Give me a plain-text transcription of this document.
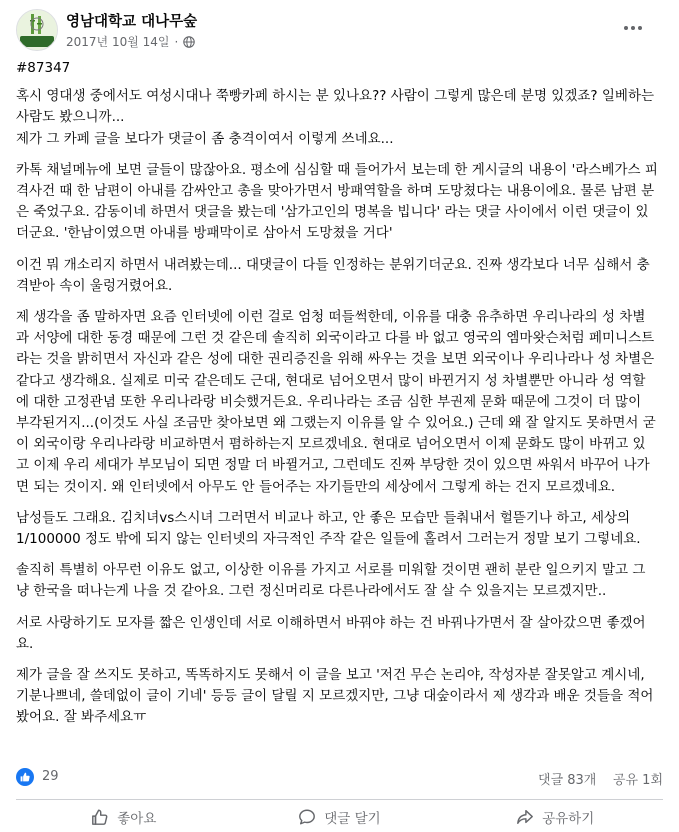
영남대학교 대나무숲
2017년 10월 14일 ·

#87347

혹시 영대생 중에서도 여성시대나 쭉빵카페 하시는 분 있나요?? 사람이 그렇게 많은데 분명 있겠죠? 일베하는 사람도 봤으니까...
제가 그 카페 글을 보다가 댓글이 좀 충격이여서 이렇게 쓰네요...

카톡 채널메뉴에 보면 글들이 많잖아요. 평소에 심심할 때 들어가서 보는데 한 게시글의 내용이 '라스베가스 피격사건 때 한 남편이 아내를 감싸안고 총을 맞아가면서 방패역할을 하며 도망쳤다는 내용이에요. 물론 남편 분은 죽었구요. 감동이네 하면서 댓글을 봤는데 '삼가고인의 명복을 빕니다' 라는 댓글 사이에서 이런 댓글이 있더군요. '한남이였으면 아내를 방패막이로 삼아서 도망쳤을 거다'

이건 뭐 개소리지 하면서 내려봤는데... 대댓글이 다들 인정하는 분위기더군요. 진짜 생각보다 너무 심해서 충격받아 속이 울렁거렸어요.

제 생각을 좀 말하자면 요즘 인터넷에 이런 걸로 엄청 떠들썩한데, 이유를 대충 유추하면 우리나라의 성 차별과 서양에 대한 동경 때문에 그런 것 같은데 솔직히 외국이라고 다를 바 없고 영국의 엠마왓슨처럼 페미니스트라는 것을 밝히면서 자신과 같은 성에 대한 권리증진을 위해 싸우는 것을 보면 외국이나 우리나라나 성 차별은 같다고 생각해요. 실제로 미국 같은데도 근대, 현대로 넘어오면서 많이 바뀐거지 성 차별뿐만 아니라 성 역할에 대한 고정관념 또한 우리나라랑 비슷했거든요. 우리나라는 조금 심한 부권제 문화 때문에 그것이 더 많이 부각된거지...(이것도 사실 조금만 찾아보면 왜 그랬는지 이유를 알 수 있어요.) 근데 왜 잘 알지도 못하면서 굳이 외국이랑 우리나라랑 비교하면서 폄하하는지 모르겠네요. 현대로 넘어오면서 이제 문화도 많이 바뀌고 있고 이제 우리 세대가 부모님이 되면 정말 더 바뀔거고, 그런데도 진짜 부당한 것이 있으면 싸워서 바꾸어 나가면 되는 것이지. 왜 인터넷에서 아무도 안 들어주는 자기들만의 세상에서 그렇게 하는 건지 모르겠네요.

남성들도 그래요. 김치녀vs스시녀 그러면서 비교나 하고, 안 좋은 모습만 들춰내서 헐뜯기나 하고, 세상의 1/100000 정도 밖에 되지 않는 인터넷의 자극적인 주작 같은 일들에 홀려서 그러는거 정말 보기 그렇네요.

솔직히 특별히 아무런 이유도 없고, 이상한 이유를 가지고 서로를 미워할 것이면 괜히 분란 일으키지 말고 그냥 한국을 떠나는게 나을 것 같아요. 그런 정신머리로 다른나라에서도 잘 살 수 있을지는 모르겠지만..

서로 사랑하기도 모자를 짧은 인생인데 서로 이해하면서 바꿔야 하는 건 바꿔나가면서 잘 살아갔으면 좋겠어요.

제가 글을 잘 쓰지도 못하고, 똑똑하지도 못해서 이 글을 보고 '저건 무슨 논리야, 작성자분 잘못알고 계시네, 기분나쁘네, 쓸데없이 글이 기네' 등등 글이 달릴 지 모르겠지만, 그냥 대숲이라서 제 생각과 배운 것들을 적어 봤어요. 잘 봐주세요ㅠ

29	댓글 83개 공유 1회
좋아요	댓글 달기	공유하기
